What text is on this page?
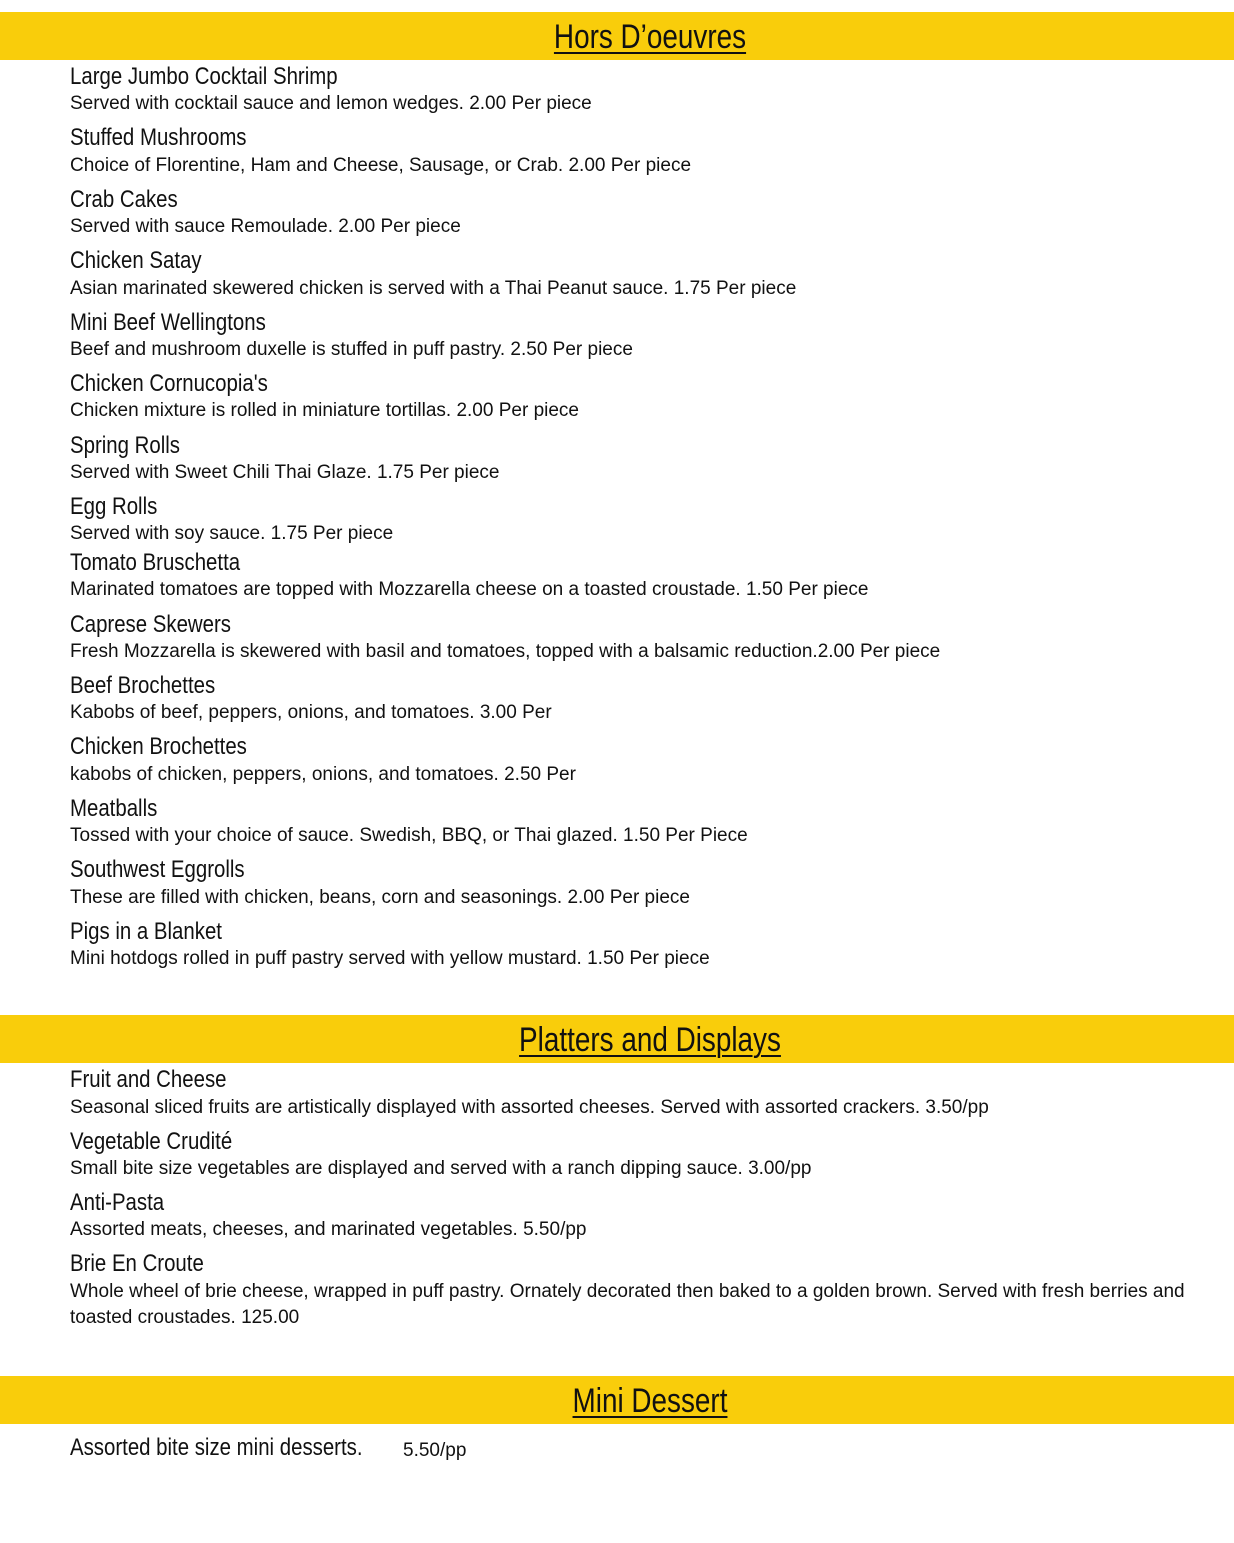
Hors D’oeuvres
Large Jumbo Cocktail Shrimp
Served with cocktail sauce and lemon wedges. 2.00 Per piece
Stuffed Mushrooms
Choice of Florentine, Ham and Cheese, Sausage, or Crab. 2.00 Per piece
Crab Cakes
Served with sauce Remoulade. 2.00 Per piece
Chicken Satay
Asian marinated skewered chicken is served with a Thai Peanut sauce. 1.75 Per piece
Mini Beef Wellingtons
Beef and mushroom duxelle is stuffed in puff pastry. 2.50 Per piece
Chicken Cornucopia's
Chicken mixture is rolled in miniature tortillas. 2.00 Per piece
Spring Rolls
Served with Sweet Chili Thai Glaze. 1.75 Per piece
Egg Rolls
Served with soy sauce. 1.75 Per piece
Tomato Bruschetta
Marinated tomatoes are topped with Mozzarella cheese on a toasted croustade. 1.50 Per piece
Caprese Skewers
Fresh Mozzarella is skewered with basil and tomatoes, topped with a balsamic reduction.2.00 Per piece
Beef Brochettes
Kabobs of beef, peppers, onions, and tomatoes. 3.00 Per
Chicken Brochettes
kabobs of chicken, peppers, onions, and tomatoes. 2.50 Per
Meatballs
Tossed with your choice of sauce. Swedish, BBQ, or Thai glazed. 1.50 Per Piece
Southwest Eggrolls
These are filled with chicken, beans, corn and seasonings. 2.00 Per piece
Pigs in a Blanket
Mini hotdogs rolled in puff pastry served with yellow mustard. 1.50 Per piece
Platters and Displays
Fruit and Cheese
Seasonal sliced fruits are artistically displayed with assorted cheeses. Served with assorted crackers. 3.50/pp
Vegetable Crudité
Small bite size vegetables are displayed and served with a ranch dipping sauce. 3.00/pp
Anti-Pasta
Assorted meats, cheeses, and marinated vegetables. 5.50/pp
Brie En Croute
Whole wheel of brie cheese, wrapped in puff pastry. Ornately decorated then baked to a golden brown. Served with fresh berries and toasted croustades. 125.00
Mini Dessert
Assorted bite size mini desserts. 5.50/pp
